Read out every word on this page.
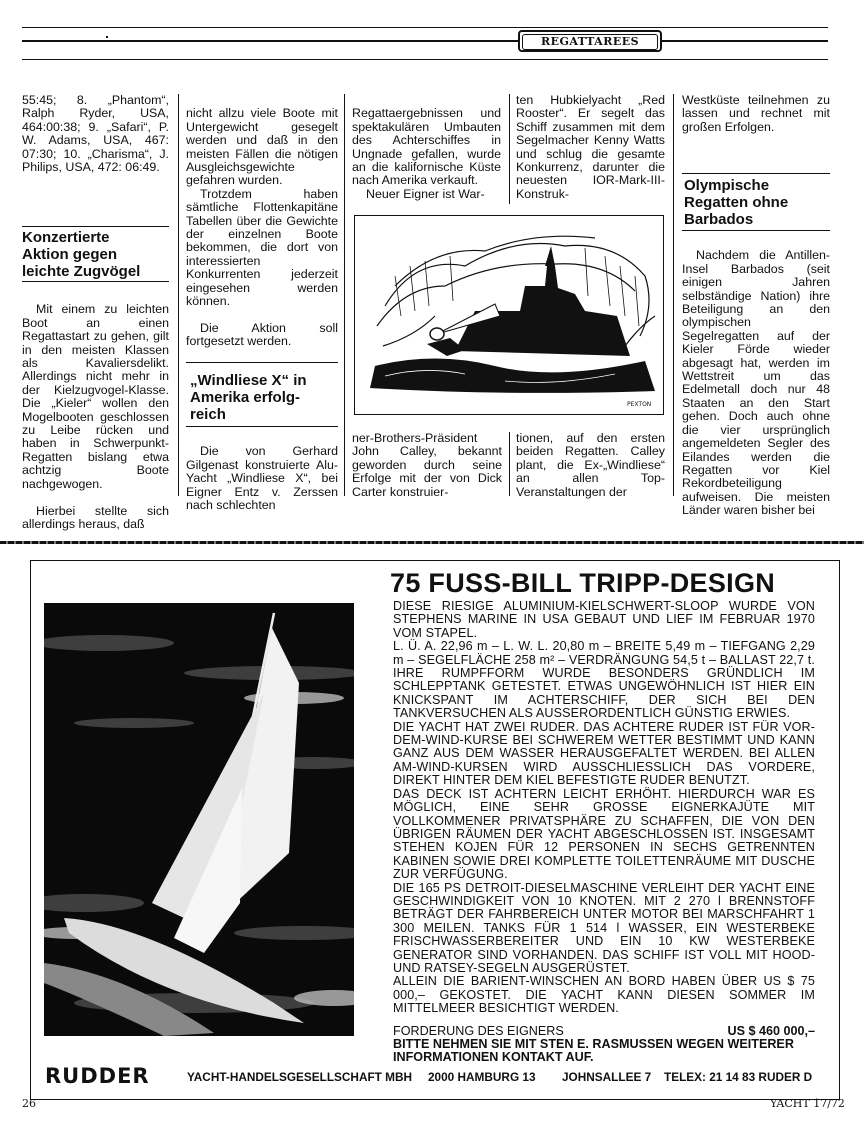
REGATTAREES
55:45; 8. „Phantom“, Ralph Ryder, USA, 464:00:38; 9. „Safari“, P. W. Adams, USA, 467: 07:30; 10. „Charisma“, J. Philips, USA, 472: 06:49.
Konzertierte
Aktion gegen
leichte Zugvögel

Mit einem zu leichten Boot an einen Regattastart zu gehen, gilt in den meisten Klassen als Kavaliersdelikt. Allerdings nicht mehr in der Kielzugvogel-Klasse. Die „Kieler“ wollen den Mogelbooten geschlossen zu Leibe rücken und haben in Schwerpunkt-Regatten bislang etwa achtzig Boote nachgewogen.

Hierbei stellte sich allerdings heraus, daß

nicht allzu viele Boote mit Untergewicht gesegelt werden und daß in den meisten Fällen die nötigen Ausgleichsgewichte gefahren wurden.

Trotzdem haben sämtliche Flottenkapitäne Tabellen über die Gewichte der einzelnen Boote bekommen, die dort von interessierten Konkurrenten jederzeit eingesehen werden können.

Die Aktion soll fortgesetzt werden.

„Windliese X“ in
Amerika erfolg-
reich

Die von Gerhard Gilgenast konstruierte Alu-Yacht „Windliese X“, bei Eigner Entz v. Zerssen nach schlechten

Regattaergebnissen und spektakulären Umbauten des Achterschiffes in Ungnade gefallen, wurde an die kalifornische Küste nach Amerika verkauft.

Neuer Eigner ist War-

ten Hubkielyacht „Red Rooster“. Er segelt das Schiff zusammen mit dem Segelmacher Kenny Watts und schlug die gesamte Konkurrenz, darunter die neuesten IOR-Mark-III-Konstruk-
PEXTON
ner-Brothers-Präsident John Calley, bekannt geworden durch seine Erfolge mit der von Dick Carter konstruier-
tionen, auf den ersten beiden Regatten. Calley plant, die Ex-„Windliese“ an allen Top-Veranstaltungen der
Westküste teilnehmen zu lassen und rechnet mit großen Erfolgen.
Olympische
Regatten ohne
Barbados

Nachdem die Antillen-Insel Barbados (seit einigen Jahren selbständige Nation) ihre Beteiligung an den olympischen Segelregatten auf der Kieler Förde wieder abgesagt hat, werden im Wettstreit um das Edelmetall doch nur 48 Staaten an den Start gehen. Doch auch ohne die vier ursprünglich angemeldeten Segler des Eilandes werden die Regatten vor Kiel Rekordbeteiligung aufweisen. Die meisten Länder waren bisher bei

75 FUSS-BILL TRIPP-DESIGN
DIESE RIESIGE ALUMINIUM-KIELSCHWERT-SLOOP WURDE VON STEPHENS MARINE IN USA GEBAUT UND LIEF IM FEBRUAR 1970 VOM STAPEL.
L. Ü. A. 22,96 m – L. W. L. 20,80 m – BREITE 5,49 m – TIEFGANG 2,29 m – SEGELFLÄCHE 258 m² – VERDRÄNGUNG 54,5 t – BALLAST 22,7 t. IHRE RUMPFFORM WURDE BESONDERS GRÜNDLICH IM SCHLEPPTANK GETESTET. ETWAS UNGEWÖHNLICH IST HIER EIN KNICKSPANT IM ACHTERSCHIFF, DER SICH BEI DEN TANKVERSUCHEN ALS AUSSERORDENTLICH GÜNSTIG ERWIES.
DIE YACHT HAT ZWEI RUDER. DAS ACHTERE RUDER IST FÜR VOR-DEM-WIND-KURSE BEI SCHWEREM WETTER BESTIMMT UND KANN GANZ AUS DEM WASSER HERAUSGEFALTET WERDEN. BEI ALLEN AM-WIND-KURSEN WIRD AUSSCHLIESSLICH DAS VORDERE, DIREKT HINTER DEM KIEL BEFESTIGTE RUDER BENUTZT.
DAS DECK IST ACHTERN LEICHT ERHÖHT. HIERDURCH WAR ES MÖGLICH, EINE SEHR GROSSE EIGNERKAJÜTE MIT VOLLKOMMENER PRIVATSPHÄRE ZU SCHAFFEN, DIE VON DEN ÜBRIGEN RÄUMEN DER YACHT ABGESCHLOSSEN IST. INSGESAMT STEHEN KOJEN FÜR 12 PERSONEN IN SECHS GETRENNTEN KABINEN SOWIE DREI KOMPLETTE TOILETTENRÄUME MIT DUSCHE ZUR VERFÜGUNG.
DIE 165 PS DETROIT-DIESELMASCHINE VERLEIHT DER YACHT EINE GESCHWINDIGKEIT VON 10 KNOTEN. MIT 2 270 l BRENNSTOFF BETRÄGT DER FAHRBEREICH UNTER MOTOR BEI MARSCHFAHRT 1 300 MEILEN. TANKS FÜR 1 514 l WASSER, EIN WESTERBEKE FRISCHWASSERBEREITER UND EIN 10 KW WESTERBEKE GENERATOR SIND VORHANDEN. DAS SCHIFF IST VOLL MIT HOOD- UND RATSEY-SEGELN AUSGERÜSTET.
ALLEIN DIE BARIENT-WINSCHEN AN BORD HABEN ÜBER US $ 75 000,– GEKOSTET. DIE YACHT KANN DIESEN SOMMER IM MITTELMEER BESICHTIGT WERDEN.
FORDERUNG DES EIGNERS	US $ 460 000,–
BITTE NEHMEN SIE MIT STEN E. RASMUSSEN WEGEN WEITERER INFORMATIONEN KONTAKT AUF.
RUDDER	YACHT-HANDELSGESELLSCHAFT MBH 2000 HAMBURG 13 JOHNSALLEE 7 TELEX: 21 14 83 RUDER D
26	YACHT 17/72
